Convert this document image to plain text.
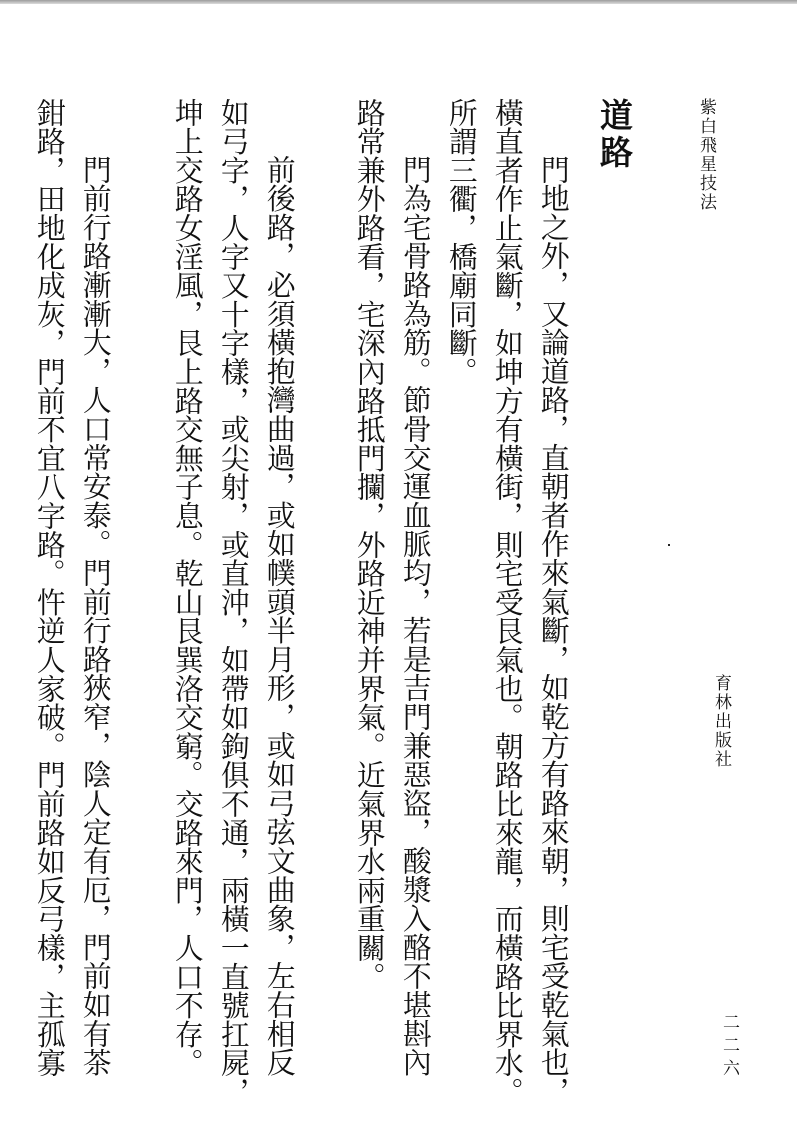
紫白飛星技法
育林出版社
二二六
道路
門地之外，又論道路，直朝者作來氣斷，如乾方有路來朝，則宅受乾氣也，
橫直者作止氣斷，如坤方有橫街，則宅受艮氣也。朝路比來龍，而橫路比界水。
所謂三衢，橋廟同斷。
門為宅骨路為筋。節骨交運血脈均，若是吉門兼惡盜，酸漿入酪不堪斟內
路常兼外路看，宅深內路抵門攔，外路近神并界氣。近氣界水兩重關。
前後路，必須橫抱灣曲過，或如幞頭半月形，或如弓弦文曲象，左右相反
如弓字，人字又十字樣，或尖射，或直沖，如帶如鉤俱不通，兩橫一直號扛屍，
坤上交路女淫風，艮上路交無子息。乾山艮巽洛交窮。交路來門，人口不存。
門前行路漸漸大，人口常安泰。門前行路狹窄，陰人定有厄，門前如有茶
鉗路，田地化成灰，門前不宜八字路。忤逆人家破。門前路如反弓樣，主孤寡
